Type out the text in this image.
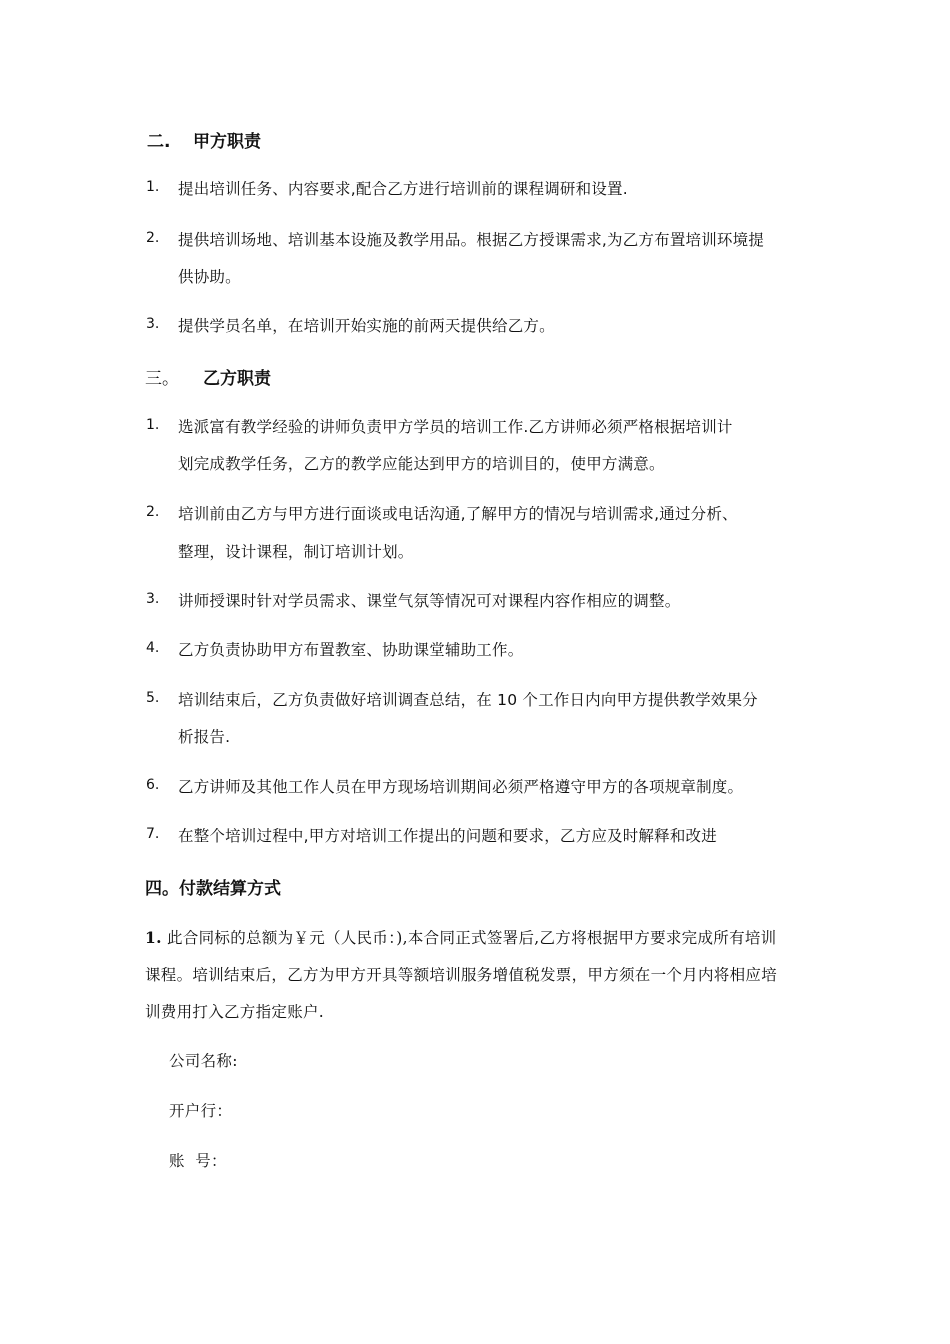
二. 甲方职责
1. 提出培训任务、内容要求,配合乙方进行培训前的课程调研和设置.
2. 提供培训场地、培训基本设施及教学用品。根据乙方授课需求,为乙方布置培训环境提
供协助。
3. 提供学员名单，在培训开始实施的前两天提供给乙方。
三。 乙方职责
1. 选派富有教学经验的讲师负责甲方学员的培训工作.乙方讲师必须严格根据培训计
划完成教学任务，乙方的教学应能达到甲方的培训目的，使甲方满意。
2. 培训前由乙方与甲方进行面谈或电话沟通,了解甲方的情况与培训需求,通过分析、
整理，设计课程，制订培训计划。
3. 讲师授课时针对学员需求、课堂气氛等情况可对课程内容作相应的调整。
4. 乙方负责协助甲方布置教室、协助课堂辅助工作。
5. 培训结束后，乙方负责做好培训调查总结，在 10 个工作日内向甲方提供教学效果分
析报告.
6. 乙方讲师及其他工作人员在甲方现场培训期间必须严格遵守甲方的各项规章制度。
7. 在整个培训过程中,甲方对培训工作提出的问题和要求，乙方应及时解释和改进
四。付款结算方式
1. 此合同标的总额为￥元（人民币：),本合同正式签署后,乙方将根据甲方要求完成所有培训
课程。培训结束后，乙方为甲方开具等额培训服务增值税发票，甲方须在一个月内将相应培
训费用打入乙方指定账户.
公司名称:
开户行：
账  号：
